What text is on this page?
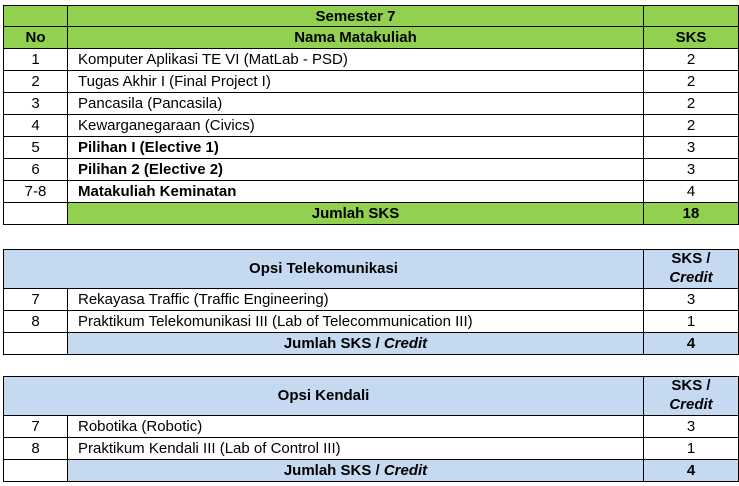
	Semester 7	
No	Nama Matakuliah	SKS
1	Komputer Aplikasi TE VI (MatLab - PSD)	2
2	Tugas Akhir I (Final Project I)	2
3	Pancasila (Pancasila)	2
4	Kewarganegaraan (Civics)	2
5	Pilihan I (Elective 1)	3
6	Pilihan 2 (Elective 2)	3
7-8	Matakuliah Keminatan	4
	Jumlah SKS	18
Opsi Telekomunikasi		SKS /
Credit
7	Rekayasa Traffic (Traffic Engineering)	3
8	Praktikum Telekomunikasi III (Lab of Telecommunication III)	1
	Jumlah SKS / Credit	4
Opsi Kendali		SKS /
Credit
7	Robotika (Robotic)	3
8	Praktikum Kendali III (Lab of Control III)	1
	Jumlah SKS / Credit	4
